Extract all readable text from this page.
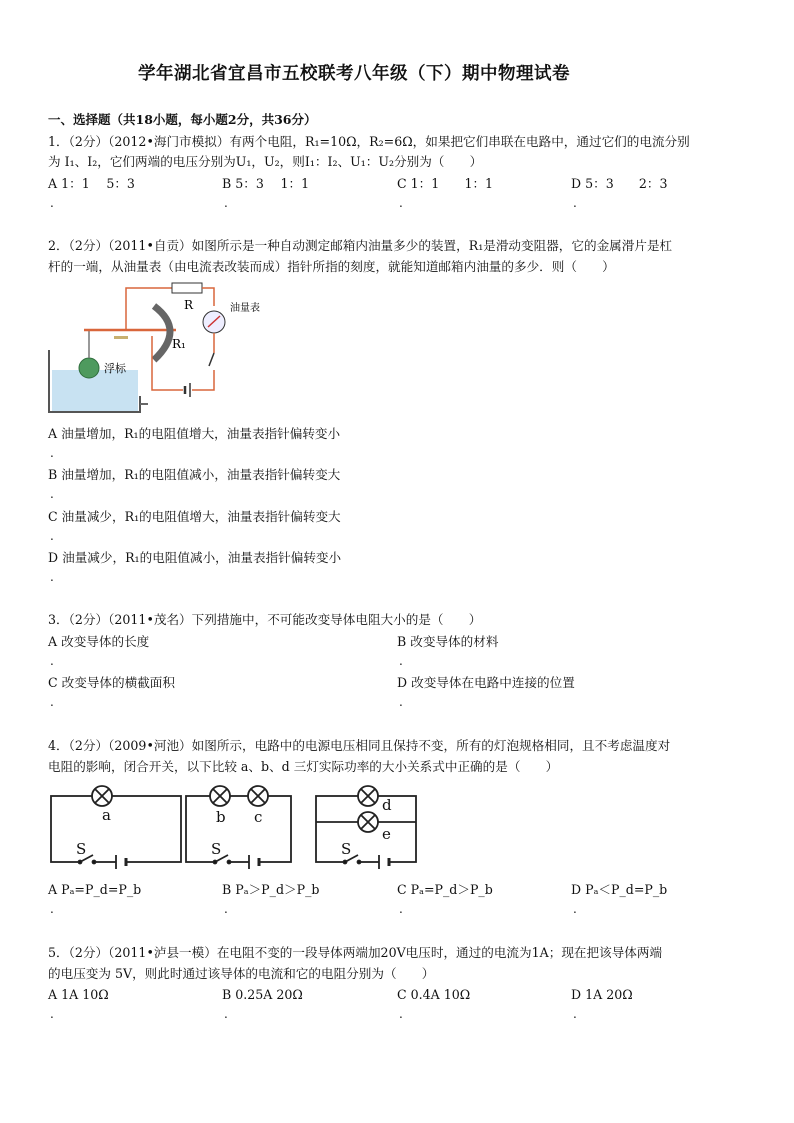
学年湖北省宜昌市五校联考八年级（下）期中物理试卷
一、选择题（共18小题，每小题2分，共36分）
1．（2分）（2012•海门市模拟）有两个电阻，R₁=10Ω，R₂=6Ω，如果把它们串联在电路中，通过它们的电流分别
为 I₁、I₂，它们两端的电压分别为U₁，U₂，则I₁：I₂、U₁：U₂分别为（　　）
A 1：1　 5：3	B 5：3　 1：1	C 1：1　　1：1	D 5：3　　2：3
.	.	.	.
2．（2分）（2011•自贡）如图所示是一种自动测定邮箱内油量多少的装置，R₁是滑动变阻器，它的金属滑片是杠
杆的一端，从油量表（由电流表改装而成）指针所指的刻度，就能知道邮箱内油量的多少．则（　　）
浮标
R
R₁
油量表
A 油量增加，R₁的电阻值增大，油量表指针偏转变小
.
B 油量增加，R₁的电阻值减小，油量表指针偏转变大
.
C 油量减少，R₁的电阻值增大，油量表指针偏转变大
.
D 油量减少，R₁的电阻值减小，油量表指针偏转变小
.
3．（2分）（2011•茂名）下列措施中，不可能改变导体电阻大小的是（　　）
A 改变导体的长度	B 改变导体的材料
.	.
C 改变导体的横截面积	D 改变导体在电路中连接的位置
.	.
4．（2分）（2009•河池）如图所示，电路中的电源电压相同且保持不变，所有的灯泡规格相同，且不考虑温度对
电阻的影响，闭合开关，以下比较 a、b、d 三灯实际功率的大小关系式中正确的是（　　）
a	b c
d
e
S	S	S
A Pₐ=P_d=P_b	B Pₐ＞P_d＞P_b	C Pₐ=P_d＞P_b	D Pₐ＜P_d=P_b
.	.	.	.
5．（2分）（2011•泸县一模）在电阻不变的一段导体两端加20V电压时，通过的电流为1A；现在把该导体两端
的电压变为 5V，则此时通过该导体的电流和它的电阻分别为（　　）
A 1A 10Ω	B 0.25A 20Ω	C 0.4A 10Ω	D 1A 20Ω
.	.	.	.
